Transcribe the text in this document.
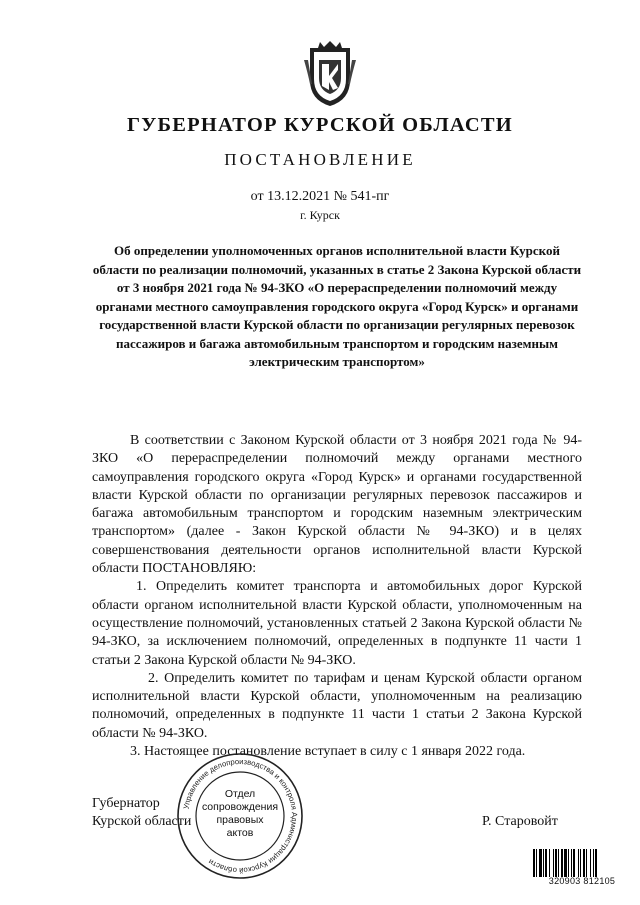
ГУБЕРНАТОР КУРСКОЙ ОБЛАСТИ
ПОСТАНОВЛЕНИЕ
от 13.12.2021 № 541-пг
г. Курск
Об определении уполномоченных органов исполнительной власти Курской области по реализации полномочий, указанных в статье 2 Закона Курской области от 3 ноября 2021 года № 94-ЗКО «О перераспределении полномочий между органами местного самоуправления городского округа «Город Курск» и органами государственной власти Курской области по организации регулярных перевозок пассажиров и багажа автомобильным транспортом и городским наземным электрическим транспортом»

В соответствии с Законом Курской области от 3 ноября 2021 года № 94-ЗКО «О перераспределении полномочий между органами местного самоуправления городского округа «Город Курск» и органами государственной власти Курской области по организации регулярных перевозок пассажиров и багажа автомобильным транспортом и городским наземным электрическим транспортом» (далее - Закон Курской области № 94-ЗКО) и в целях совершенствования деятельности органов исполнительной власти Курской области ПОСТАНОВЛЯЮ:

1. Определить комитет транспорта и автомобильных дорог Курской области органом исполнительной власти Курской области, уполномоченным на осуществление полномочий, установленных статьей 2 Закона Курской области № 94-ЗКО, за исключением полномочий, определенных в подпункте 11 части 1 статьи 2 Закона Курской области № 94-ЗКО.

2. Определить комитет по тарифам и ценам Курской области органом исполнительной власти Курской области, уполномоченным на реализацию полномочий, определенных в подпункте 11 части 1 статьи 2 Закона Курской области № 94-ЗКО.

3. Настоящее постановление вступает в силу с 1 января 2022 года.

Губернатор
Курской области	Р. Старовойт
Управление делопроизводства и контроля Администрации Курской области
Отдел
сопровождения
правовых
актов
320903 812105
